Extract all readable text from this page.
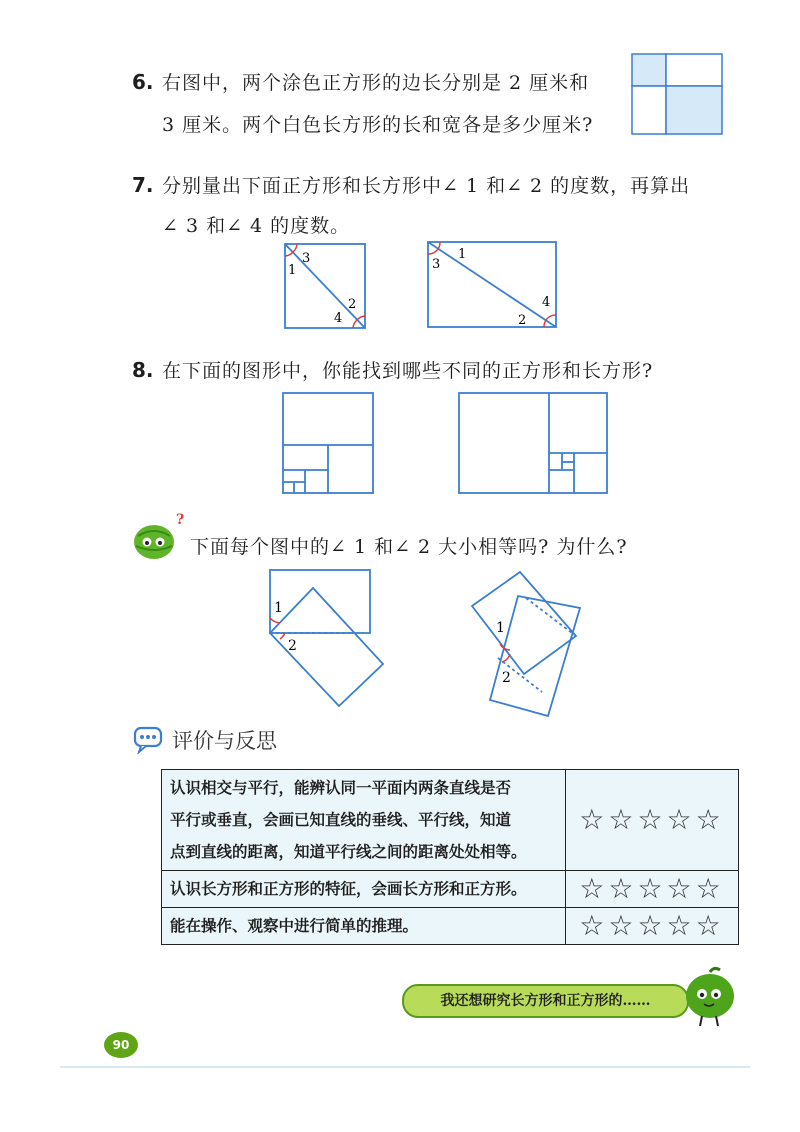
6. 右图中，两个涂色正方形的边长分别是 2 厘米和
3 厘米。两个白色长方形的长和宽各是多少厘米?
7. 分别量出下面正方形和长方形中∠ 1 和∠ 2 的度数，再算出
∠ 3 和∠ 4 的度数。
1
3
2
4
1
3
4
2
8. 在下面的图形中，你能找到哪些不同的正方形和长方形?
?
下面每个图中的∠ 1 和∠ 2 大小相等吗? 为什么?
1
2
1
2
评价与反思
认识相交与平行，能辨认同一平面内两条直线是否
平行或垂直，会画已知直线的垂线、平行线，知道
点到直线的距离，知道平行线之间的距离处处相等。	☆☆☆☆☆

认识长方形和正方形的特征，会画长方形和正方形。	☆☆☆☆☆

能在操作、观察中进行简单的推理。	☆☆☆☆☆
我还想研究长方形和正方形的……
90
